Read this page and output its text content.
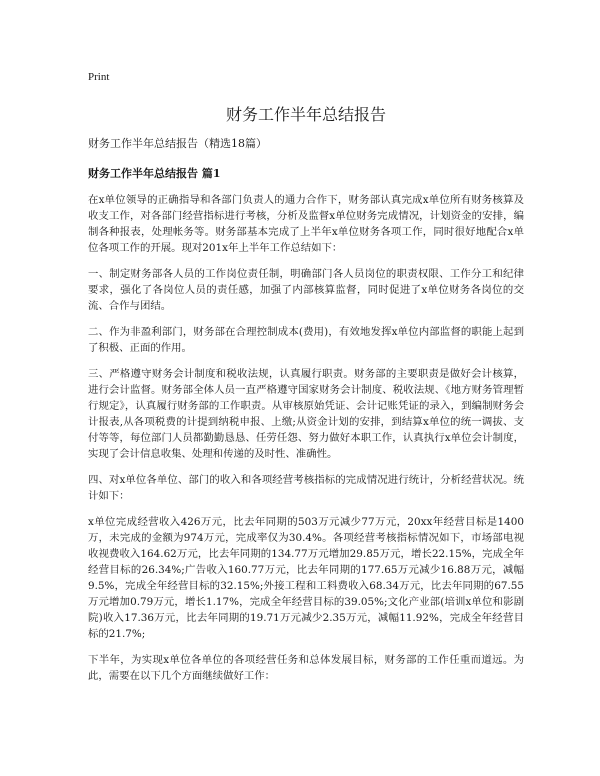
Print
财务工作半年总结报告
财务工作半年总结报告（精选18篇）
财务工作半年总结报告 篇1

在x单位领导的正确指导和各部门负责人的通力合作下，财务部认真完成x单位所有财务核算及收支工作，对各部门经营指标进行考核，分析及监督x单位财务完成情况，计划资金的安排，编制各种报表，处理帐务等。财务部基本完成了上半年x单位财务各项工作，同时很好地配合x单位各项工作的开展。现对201x年上半年工作总结如下：

一、制定财务部各人员的工作岗位责任制，明确部门各人员岗位的职责权限、工作分工和纪律要求，强化了各岗位人员的责任感，加强了内部核算监督，同时促进了x单位财务各岗位的交流、合作与团结。

二、作为非盈利部门，财务部在合理控制成本(费用)，有效地发挥x单位内部监督的职能上起到了积极、正面的作用。

三、严格遵守财务会计制度和税收法规，认真履行职责。财务部的主要职责是做好会计核算，进行会计监督。财务部全体人员一直严格遵守国家财务会计制度、税收法规、《地方财务管理暂行规定》，认真履行财务部的工作职责。从审核原始凭证、会计记账凭证的录入，到编制财务会计报表,从各项税费的计提到纳税申报、上缴;从资金计划的安排，到结算x单位的统一调拔、支付等等，每位部门人员都勤勤恳恳、任劳任怨、努力做好本职工作，认真执行x单位会计制度，实现了会计信息收集、处理和传递的及时性、准确性。

四、对x单位各单位、部门的收入和各项经营考核指标的完成情况进行统计，分析经营状况。统计如下：

x单位完成经营收入426万元，比去年同期的503万元减少77万元，20xx年经营目标是1400万，未完成的金额为974万元，完成率仅为30.4%。各项经营考核指标情况如下，市场部电视收视费收入164.62万元，比去年同期的134.77万元增加29.85万元，增长22.15%，完成全年经营目标的26.34%;广告收入160.77万元，比去年同期的177.65万元减少16.88万元，减幅9.5%，完成全年经营目标的32.15%;外接工程和工料费收入68.34万元，比去年同期的67.55万元增加0.79万元，增长1.17%，完成全年经营目标的39.05%;文化产业部(培训x单位和影剧院)收入17.36万元，比去年同期的19.71万元减少2.35万元，减幅11.92%，完成全年经营目标的21.7%;

下半年，为实现x单位各单位的各项经营任务和总体发展目标，财务部的工作任重而道远。为此，需要在以下几个方面继续做好工作：
